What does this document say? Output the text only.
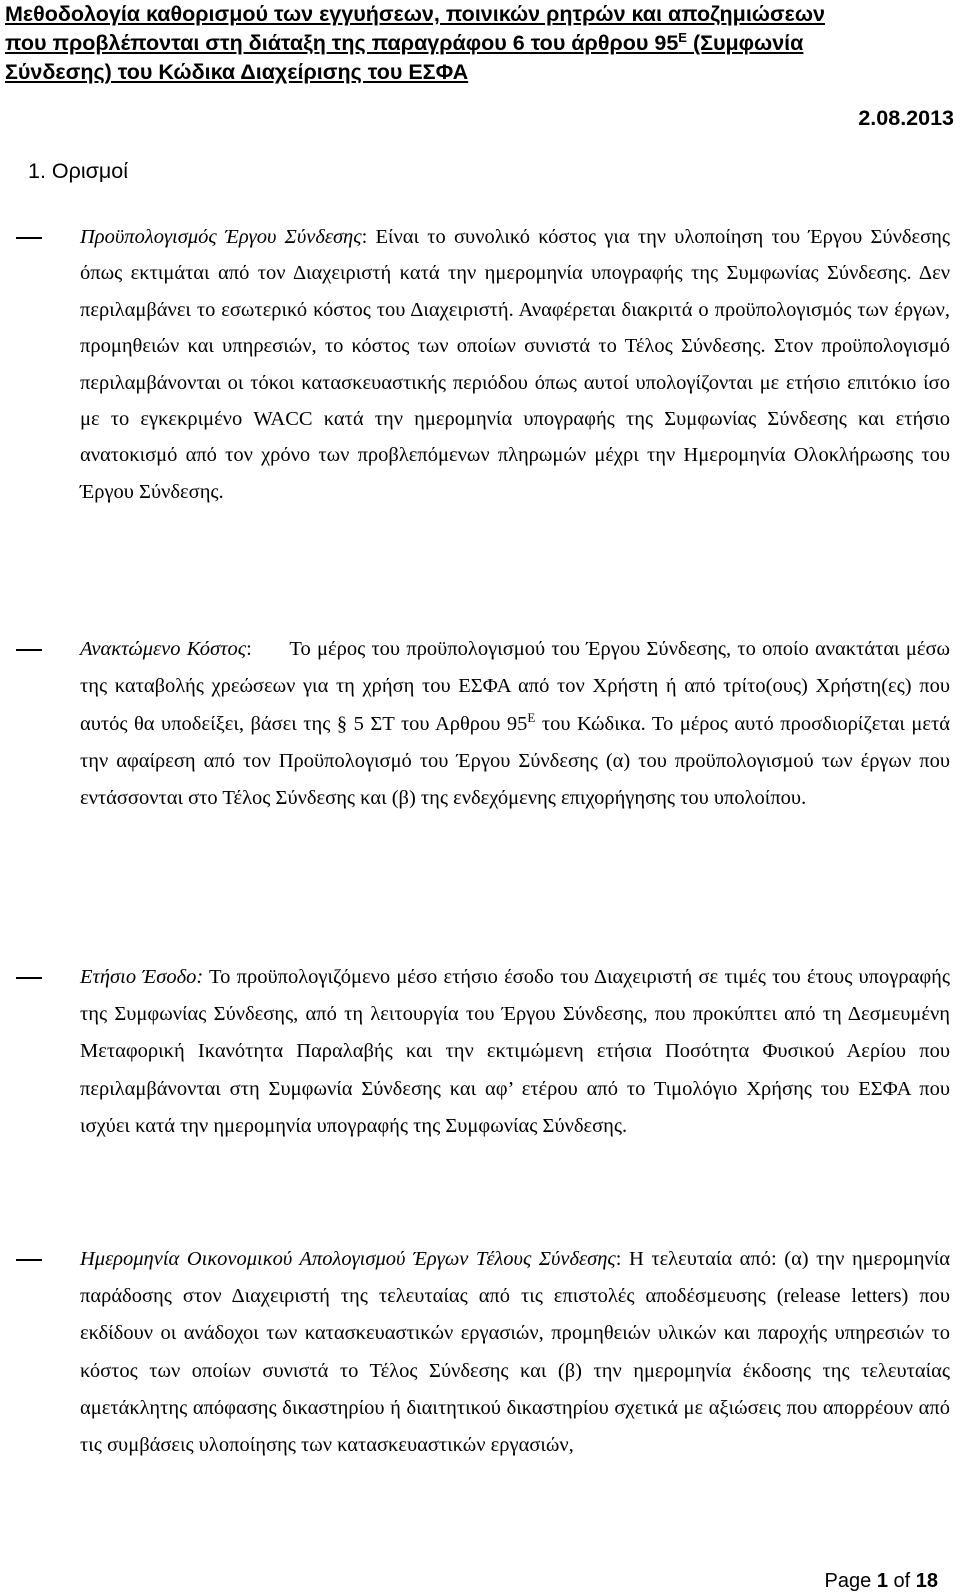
Μεθοδολογία καθορισμού των εγγυήσεων, ποινικών ρητρών και αποζημιώσεων
που προβλέπονται στη διάταξη της παραγράφου 6 του άρθρου $95^E$ (Συμφωνία
Σύνδεσης) του Κώδικα Διαχείρισης του ΕΣΦΑ
2.08.2013
1. Ορισμοί
Προϋπολογισμός Έργου Σύνδεσης: Είναι το συνολικό κόστος για την υλοποίηση του Έργου Σύνδεσης όπως εκτιμάται από τον Διαχειριστή κατά την ημερομηνία υπογραφής της Συμφωνίας Σύνδεσης. Δεν περιλαμβάνει το εσωτερικό κόστος του Διαχειριστή. Αναφέρεται διακριτά ο προϋπολογισμός των έργων, προμηθειών και υπηρεσιών, το κόστος των οποίων συνιστά το Τέλος Σύνδεσης. Στον προϋπολογισμό περιλαμβάνονται οι τόκοι κατασκευαστικής περιόδου όπως αυτοί υπολογίζονται με ετήσιο επιτόκιο ίσο με το εγκεκριμένο WACC κατά την ημερομηνία υπογραφής της Συμφωνίας Σύνδεσης και ετήσιο ανατοκισμό από τον χρόνο των προβλεπόμενων πληρωμών μέχρι την Ημερομηνία Ολοκλήρωσης του Έργου Σύνδεσης.
Ανακτώμενο Κόστος:      Το μέρος του προϋπολογισμού του Έργου Σύνδεσης, το οποίο ανακτάται μέσω της καταβολής χρεώσεων για τη χρήση του ΕΣΦΑ από τον Χρήστη ή από τρίτο(ους) Χρήστη(ες) που αυτός θα υποδείξει, βάσει της § 5 ΣΤ του Αρθρου $95^E$ του Κώδικα. Το μέρος αυτό προσδιορίζεται μετά την αφαίρεση από τον Προϋπολογισμό του Έργου Σύνδεσης (α) του προϋπολογισμού των έργων που εντάσσονται στο Τέλος Σύνδεσης και (β) της ενδεχόμενης επιχορήγησης του υπολοίπου.
Ετήσιο Έσοδο: Το προϋπολογιζόμενο μέσο ετήσιο έσοδο του Διαχειριστή σε τιμές του έτους υπογραφής της Συμφωνίας Σύνδεσης, από τη λειτουργία του Έργου Σύνδεσης, που προκύπτει από τη Δεσμευμένη Μεταφορική Ικανότητα Παραλαβής και την εκτιμώμενη ετήσια Ποσότητα Φυσικού Αερίου που περιλαμβάνονται στη Συμφωνία Σύνδεσης και αφ’ ετέρου από το Τιμολόγιο Χρήσης του ΕΣΦΑ που ισχύει κατά την ημερομηνία υπογραφής της Συμφωνίας Σύνδεσης.
Ημερομηνία Οικονομικού Απολογισμού Έργων Τέλους Σύνδεσης: Η τελευταία από: (α) την ημερομηνία παράδοσης στον Διαχειριστή της τελευταίας από τις επιστολές αποδέσμευσης (release letters) που εκδίδουν οι ανάδοχοι των κατασκευαστικών εργασιών, προμηθειών υλικών και παροχής υπηρεσιών το κόστος των οποίων συνιστά το Τέλος Σύνδεσης και (β) την ημερομηνία έκδοσης της τελευταίας αμετάκλητης απόφασης δικαστηρίου ή διαιτητικού δικαστηρίου σχετικά με αξιώσεις που απορρέουν από τις συμβάσεις υλοποίησης των κατασκευαστικών εργασιών,
Page 1 of 18
